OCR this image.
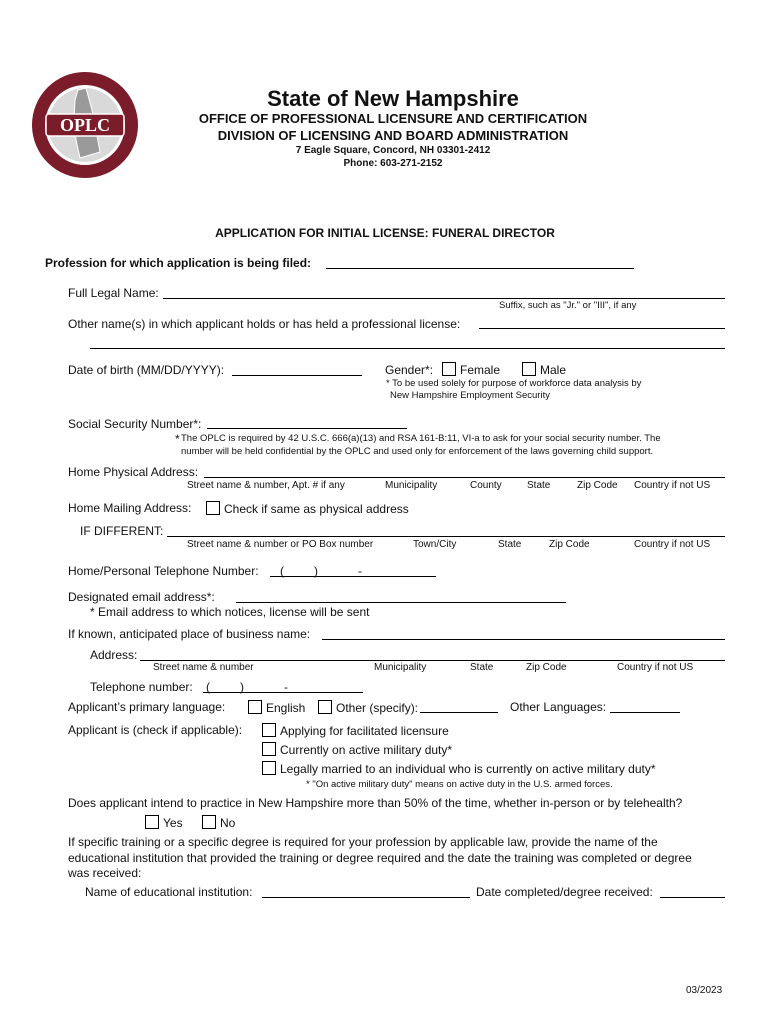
OPLC
State of New Hampshire
OFFICE OF PROFESSIONAL LICENSURE AND CERTIFICATION
DIVISION OF LICENSING AND BOARD ADMINISTRATION
7 Eagle Square, Concord, NH 03301-2412
Phone: 603-271-2152
APPLICATION FOR INITIAL LICENSE: FUNERAL DIRECTOR
Profession for which application is being filed:
Full Legal Name:
Suffix, such as "Jr." or "III", if any
Other name(s) in which applicant holds or has held a professional license:
Date of birth (MM/DD/YYYY):	Gender*:	Female	Male
* To be used solely for purpose of workforce data analysis by
New Hampshire Employment Security
Social Security Number*:
* The OPLC is required by 42 U.S.C. 666(a)(13) and RSA 161-B:11, VI-a to ask for your social security number. The
number will be held confidential by the OPLC and used only for enforcement of the laws governing child support.
Home Physical Address:
Street name & number, Apt. # if any	Municipality	County	State	Zip Code Country if not US
Home Mailing Address:	Check if same as physical address
IF DIFFERENT:
Street name & number or PO Box number	Town/City	State	Zip Code	Country if not US
Home/Personal Telephone Number: (         )            -
Designated email address*:
* Email address to which notices, license will be sent
If known, anticipated place of business name:
Address:
Street name & number	Municipality	State	Zip Code	Country if not US
Telephone number: (         )            -
Applicant’s primary language:	English	Other (specify):	Other Languages:
Applicant is (check if applicable):	Applying for facilitated licensure
Currently on active military duty*
Legally married to an individual who is currently on active military duty*
* "On active military duty" means on active duty in the U.S. armed forces.
Does applicant intend to practice in New Hampshire more than 50% of the time, whether in-person or by telehealth?
Yes	No
If specific training or a specific degree is required for your profession by applicable law, provide the name of the
educational institution that provided the training or degree required and the date the training was completed or degree
was received:
Name of educational institution:	Date completed/degree received:
03/2023
